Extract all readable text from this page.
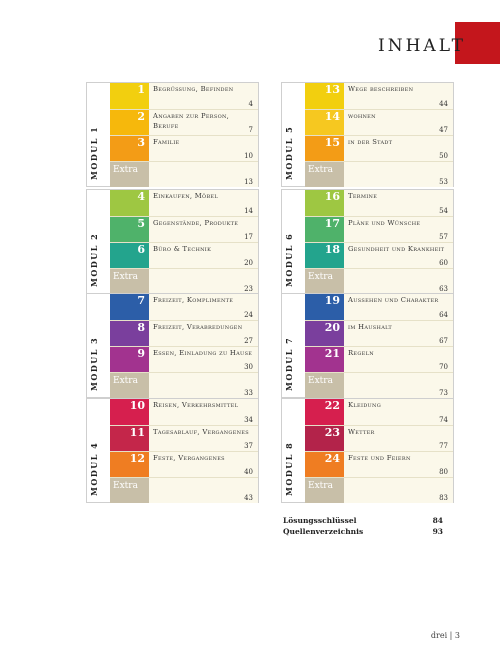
INHALT
MODUL 1
1	Begrüßung, Befinden
4
2	Angaben zur Person, Berufe	7
3	Familie
10
Extra
13
MODUL 2
4	Einkaufen, Möbel
14
5	Gegenstände, Produkte
17
6	Büro & Technik
20
Extra
23
MODUL 3
7	Freizeit, Komplimente
24
8	Freizeit, Verabredungen
27
9	Essen, Einladung zu Hause
30
Extra
33
MODUL 4
10	Reisen, Verkehrsmittel
34
11	Tagesablauf, Vergangenes
37
12	Feste, Vergangenes
40
Extra
43
MODUL 5
13	Wege beschreiben
44
14	wohnen
47
15	in der Stadt
50
Extra
53
MODUL 6
16	Termine
54
17	Pläne und Wünsche
57
18	Gesundheit und Krankheit
60
Extra
63
MODUL 7
19	Aussehen und Charakter
64
20	im Haushalt
67
21	Regeln
70
Extra
73
MODUL 8
22	Kleidung
74
23	Wetter
77
24	Feste und Feiern
80
Extra
83
Lösungsschlüssel	84
Quellenverzeichnis	93
drei | 3
